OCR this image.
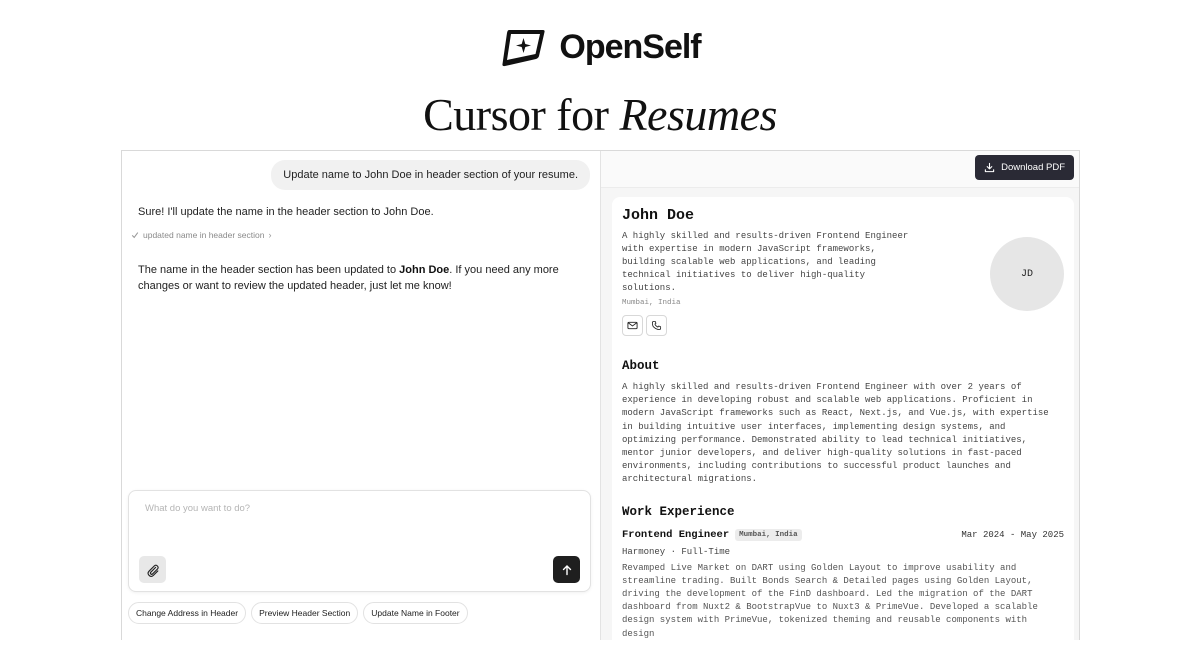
OpenSelf
Cursor for Resumes
Update name to John Doe in header section of your resume.
Sure! I'll update the name in the header section to John Doe.
updated name in header section ›
The name in the header section has been updated to John Doe. If you need any more changes or want to review the updated header, just let me know!
What do you want to do?
Change Address in Header	Preview Header Section	Update Name in Footer
Download PDF
John Doe
A highly skilled and results-driven Frontend Engineer with expertise in modern JavaScript frameworks, building scalable web applications, and leading technical initiatives to deliver high-quality solutions.
Mumbai, India
JD
About
A highly skilled and results-driven Frontend Engineer with over 2 years of experience in developing robust and scalable web applications. Proficient in modern JavaScript frameworks such as React, Next.js, and Vue.js, with expertise in building intuitive user interfaces, implementing design systems, and optimizing performance. Demonstrated ability to lead technical initiatives, mentor junior developers, and deliver high-quality solutions in fast-paced environments, including contributions to successful product launches and architectural migrations.
Work Experience
Frontend Engineer	Mumbai, India	Mar 2024 - May 2025
Harmoney · Full-Time
Revamped Live Market on DART using Golden Layout to improve usability and streamline trading. Built Bonds Search & Detailed pages using Golden Layout, driving the development of the FinD dashboard. Led the migration of the DART dashboard from Nuxt2 & BootstrapVue to Nuxt3 & PrimeVue. Developed a scalable design system with PrimeVue, tokenized theming and reusable components with design
